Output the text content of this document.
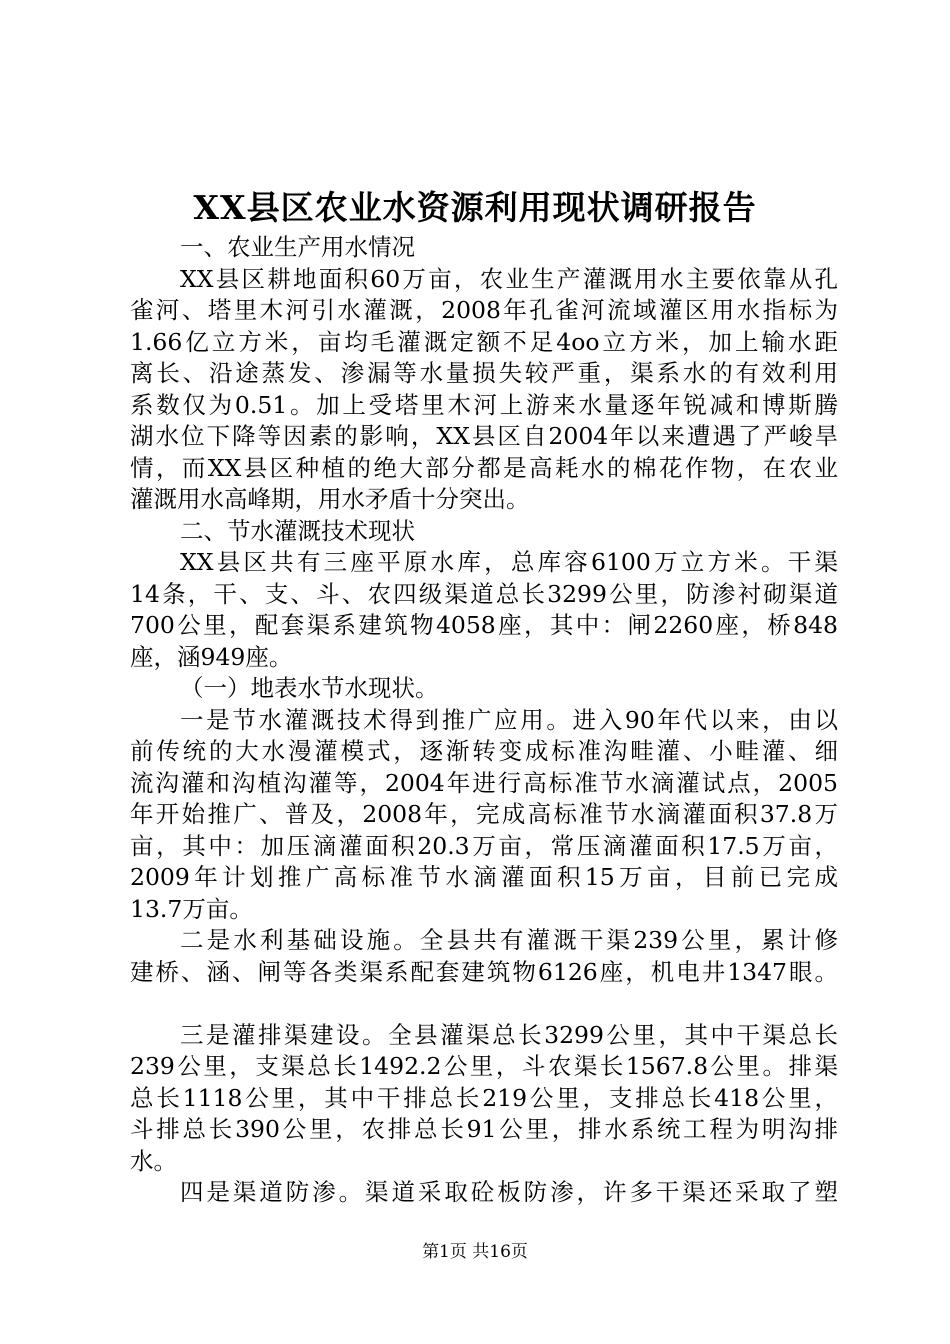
XX县区农业水资源利用现状调研报告

一、农业生产用水情况

XX县区耕地面积60万亩，农业生产灌溉用水主要依靠从孔

雀河、塔里木河引水灌溉，2008年孔雀河流域灌区用水指标为

1.66亿立方米，亩均毛灌溉定额不足4oo立方米，加上输水距

离长、沿途蒸发、渗漏等水量损失较严重，渠系水的有效利用

系数仅为0.51。加上受塔里木河上游来水量逐年锐减和博斯腾

湖水位下降等因素的影响，XX县区自2004年以来遭遇了严峻旱

情，而XX县区种植的绝大部分都是高耗水的棉花作物，在农业

灌溉用水高峰期，用水矛盾十分突出。

二、节水灌溉技术现状

XX县区共有三座平原水库，总库容6100万立方米。干渠

14条，干、支、斗、农四级渠道总长3299公里，防渗衬砌渠道

700公里，配套渠系建筑物4058座，其中：闸2260座，桥848

座，涵949座。

（一）地表水节水现状。

一是节水灌溉技术得到推广应用。进入90年代以来，由以

前传统的大水漫灌模式，逐渐转变成标准沟畦灌、小畦灌、细

流沟灌和沟植沟灌等，2004年进行高标准节水滴灌试点，2005

年开始推广、普及，2008年，完成高标准节水滴灌面积37.8万

亩，其中：加压滴灌面积20.3万亩，常压滴灌面积17.5万亩，

2009年计划推广高标准节水滴灌面积15万亩，目前已完成

13.7万亩。

二是水利基础设施。全县共有灌溉干渠239公里，累计修

建桥、涵、闸等各类渠系配套建筑物6126座，机电井1347眼。

三是灌排渠建设。全县灌渠总长3299公里，其中干渠总长

239公里，支渠总长1492.2公里，斗农渠长1567.8公里。排渠

总长1118公里，其中干排总长219公里，支排总长418公里，

斗排总长390公里，农排总长91公里，排水系统工程为明沟排

水。

四是渠道防渗。渠道采取砼板防渗，许多干渠还采取了塑

第1页 共16页
